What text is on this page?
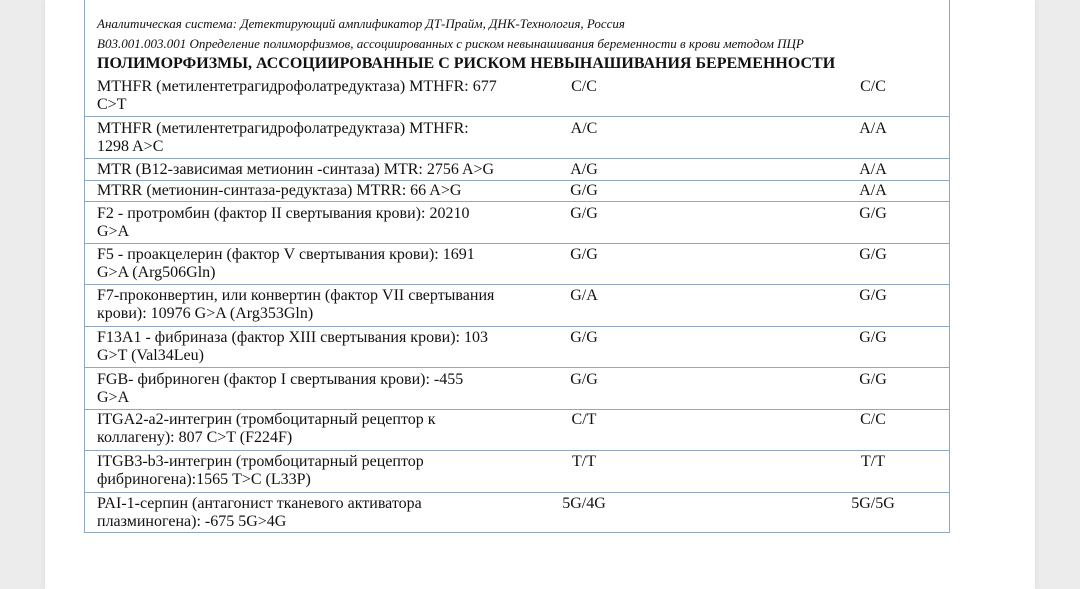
Аналитическая система: Детектирующий амплификатор ДТ-Прайм, ДНК-Технология, Россия
В03.001.003.001 Определение полиморфизмов, ассоциированных с риском невынашивания беременности в крови методом ПЦР
ПОЛИМОРФИЗМЫ, АССОЦИИРОВАННЫЕ С РИСКОМ НЕВЫНАШИВАНИЯ БЕРЕМЕННОСТИ
MTHFR (метилентетрагидрофолатредуктаза) MTHFR: 677
C>T
C/C	C/C
MTHFR (метилентетрагидрофолатредуктаза) MTHFR:
1298 A>C
A/C	A/A
MTR (B12-зависимая метионин -синтаза) MTR: 2756 A>G	A/G	A/A
MTRR (метионин-синтаза-редуктаза) MTRR: 66 A>G	G/G	A/A
F2 - протромбин (фактор II свертывания крови): 20210
G>A
G/G	G/G
F5 - проакцелерин (фактор V свертывания крови): 1691
G>A (Arg506Gln)
G/G	G/G
F7-проконвертин, или конвертин (фактор VII свертывания
крови): 10976 G>A (Arg353Gln)
G/A	G/G
F13A1 - фибриназа (фактор XIII свертывания крови): 103
G>T (Val34Leu)
G/G	G/G
FGB- фибриноген (фактор I свертывания крови): -455
G>A
G/G	G/G
ITGA2-a2-интегрин (тромбоцитарный рецептор к
коллагену): 807 C>T (F224F)
C/T	C/C
ITGB3-b3-интегрин (тромбоцитарный рецептор
фибриногена):1565 T>C (L33P)
T/T	T/T
PAI-1-серпин (антагонист тканевого активатора
плазминогена): -675 5G>4G
5G/4G	5G/5G
